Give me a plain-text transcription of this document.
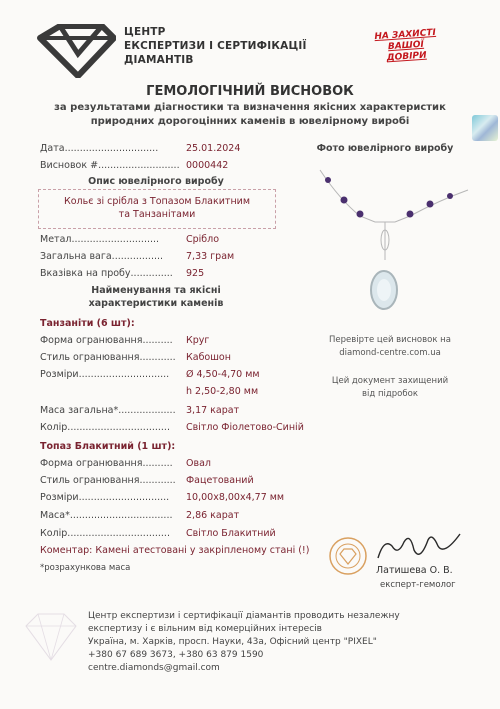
ЦЕНТР
ЕКСПЕРТИЗИ І СЕРТИФІКАЦІЇ
ДІАМАНТІВ
НА ЗАХИСТІ
ВАШОЇ
ДОВІРИ
ГЕМОЛОГІЧНИЙ ВИСНОВОК
за результатами діагностики та визначення якісних характеристик
природних дорогоцінних каменів в ювелірному виробі
Дата...............................	25.01.2024
Висновок #........................... 0000442
Фото ювелірного виробу
Опис ювелірного виробу
Кольє зі срібла з Топазом Блакитним
та Танзанітами
Метал.............................	Срібло
Загальна вага................. 7,33 грам
Вказівка на пробу.............. 925
Найменування та якісні
характеристики каменів
Танзаніти (6 шт):
Форма огранювання.......... Круг
Стиль огранювання............ Кабошон
Розміри.............................. Ø 4,50-4,70 мм
h 2,50-2,80 мм
Маса загальна*................... 3,17 карат
Колір.................................. Світло Фіолетово-Синій
Перевірте цей висновок на
diamond-centre.com.ua
Цей документ захищений
від підробок
Топаз Блакитний (1 шт):
Форма огранювання.......... Овал
Стиль огранювання............ Фацетований
Розміри.............................. 10,00x8,00x4,77 мм
Маса*.................................. 2,86 карат
Колір.................................. Світло Блакитний
Коментар: Камені атестовані у закріпленому стані (!)
*розрахункова маса	Латишева О. В.
експерт-гемолог
Центр експертизи і сертифікації діамантів проводить незалежну
експертизу і є вільним від комерційних інтересів
Україна, м. Харків, просп. Науки, 43а, Офісний центр "PIXEL"
+380 67 689 3673, +380 63 879 1590
centre.diamonds@gmail.com
